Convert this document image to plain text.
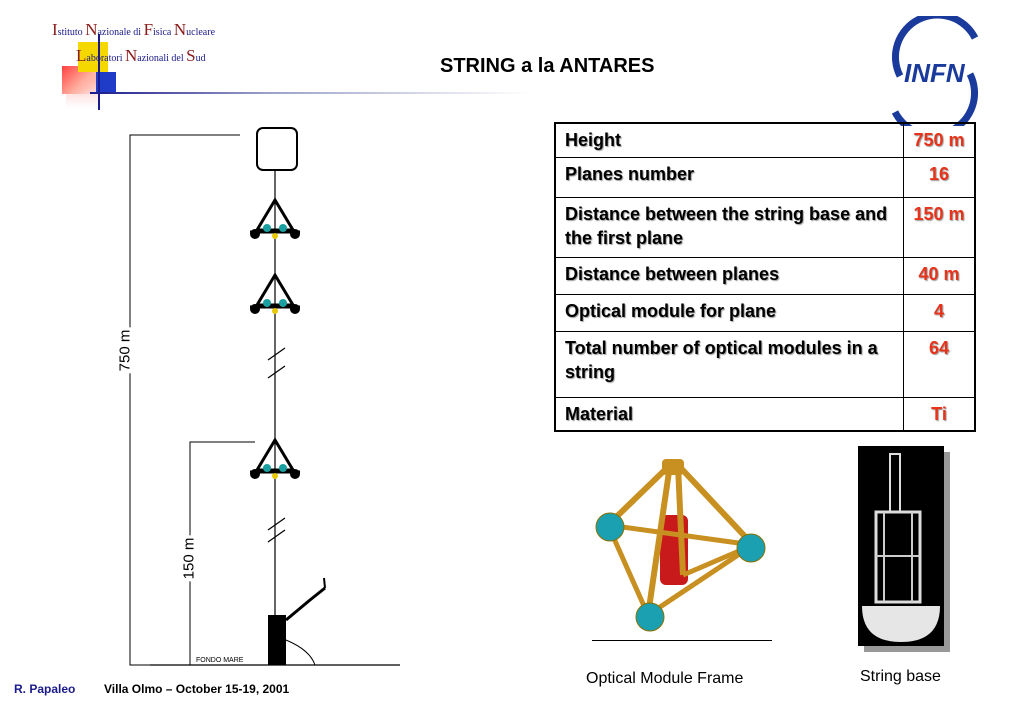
Istituto Nazionale di Fisica Nucleare
Laboratori Nazionali del Sud	STRING a la ANTARES	INFN
FONDO MARE
750 m
150 m
Height	750 m
Planes number	16
Distance between the string base and the first plane	150 m
Distance between planes	40 m
Optical module for plane	4
Total number of optical modules in a string	64
Material	Ti
Optical Module Frame	String base
R. Papaleo Villa Olmo – October 15-19, 2001
